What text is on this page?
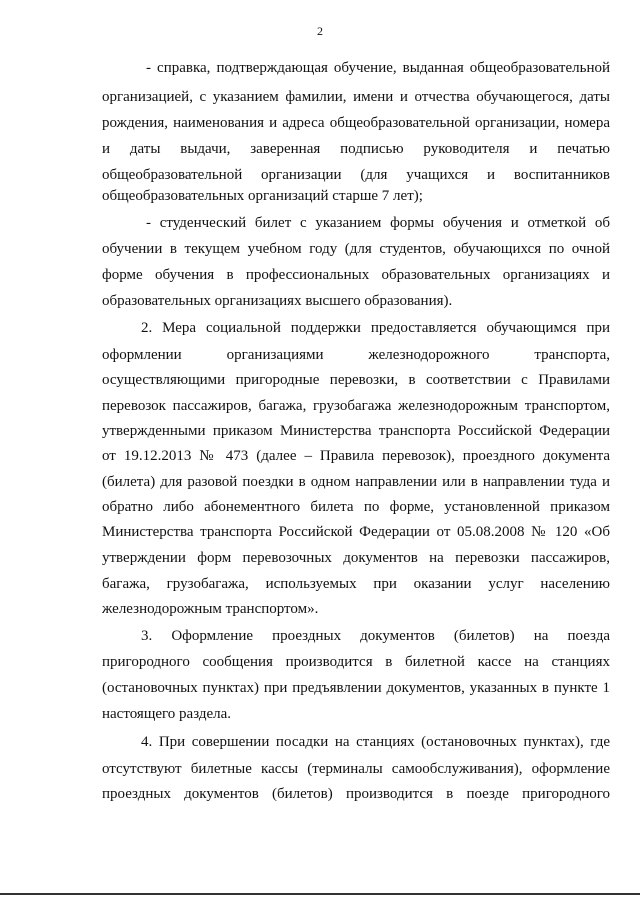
2
- справка, подтверждающая обучение, выданная общеобразовательной
организацией, с указанием фамилии, имени и отчества обучающегося, даты
рождения, наименования и адреса общеобразовательной организации, номера
и даты выдачи, заверенная подписью руководителя и печатью
общеобразовательной организации (для учащихся и воспитанников
общеобразовательных организаций старше 7 лет);
- студенческий билет с указанием формы обучения и отметкой об
обучении в текущем учебном году (для студентов, обучающихся по очной
форме обучения в профессиональных образовательных организациях и
образовательных организациях высшего образования).
2. Мера социальной поддержки предоставляется обучающимся при
оформлении организациями железнодорожного транспорта,
осуществляющими пригородные перевозки, в соответствии с Правилами
перевозок пассажиров, багажа, грузобагажа железнодорожным транспортом,
утвержденными приказом Министерства транспорта Российской Федерации
от 19.12.2013 № 473 (далее – Правила перевозок), проездного документа
(билета) для разовой поездки в одном направлении или в направлении туда и
обратно либо абонементного билета по форме, установленной приказом
Министерства транспорта Российской Федерации от 05.08.2008 № 120 «Об
утверждении форм перевозочных документов на перевозки пассажиров,
багажа, грузобагажа, используемых при оказании услуг населению
железнодорожным транспортом».
3. Оформление проездных документов (билетов) на поезда
пригородного сообщения производится в билетной кассе на станциях
(остановочных пунктах) при предъявлении документов, указанных в пункте 1
настоящего раздела.
4. При совершении посадки на станциях (остановочных пунктах), где
отсутствуют билетные кассы (терминалы самообслуживания), оформление
проездных документов (билетов) производится в поезде пригородного
